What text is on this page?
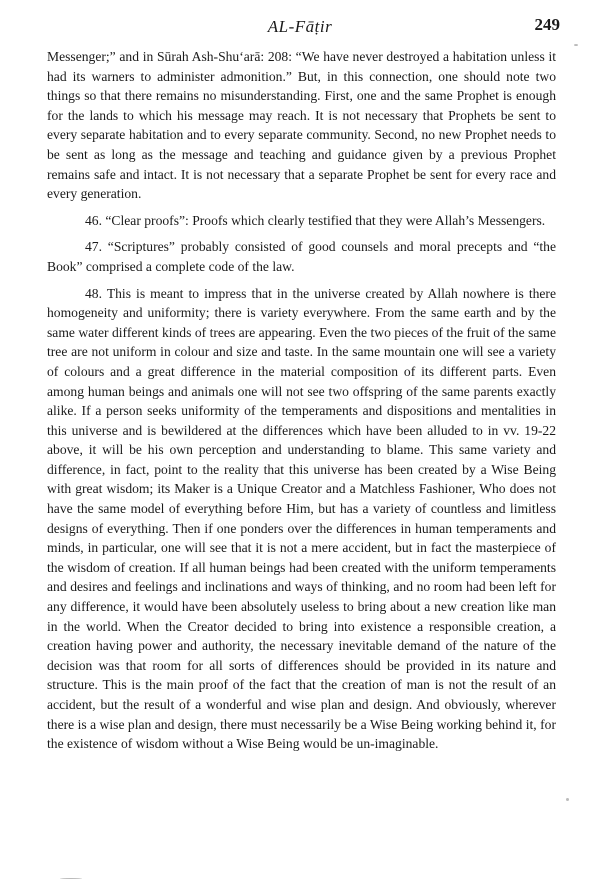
AL-Fāṭir	249

Messenger;” and in Sūrah Ash-Shu‘arā: 208: “We have never destroyed a habitation unless it had its warners to administer admonition.” But, in this connection, one should note two things so that there remains no misunderstanding. First, one and the same Prophet is enough for the lands to which his message may reach. It is not necessary that Prophets be sent to every separate habitation and to every separate community. Second, no new Prophet needs to be sent as long as the message and teaching and guidance given by a previous Prophet remains safe and intact. It is not necessary that a separate Prophet be sent for every race and every generation.

46. “Clear proofs”: Proofs which clearly testified that they were Allah’s Messengers.

47. “Scriptures” probably consisted of good counsels and moral precepts and “the Book” comprised a complete code of the law.

48. This is meant to impress that in the universe created by Allah nowhere is there homogeneity and uniformity; there is variety everywhere. From the same earth and by the same water different kinds of trees are appearing. Even the two pieces of the fruit of the same tree are not uniform in colour and size and taste. In the same mountain one will see a variety of colours and a great difference in the material composition of its different parts. Even among human beings and animals one will not see two offspring of the same parents exactly alike. If a person seeks uniformity of the temperaments and dispositions and mentalities in this universe and is bewildered at the differences which have been alluded to in vv. 19-22 above, it will be his own perception and understanding to blame. This same variety and difference, in fact, point to the reality that this universe has been created by a Wise Being with great wisdom; its Maker is a Unique Creator and a Matchless Fashioner, Who does not have the same model of everything before Him, but has a variety of countless and limitless designs of everything. Then if one ponders over the differences in human temperaments and minds, in particular, one will see that it is not a mere accident, but in fact the masterpiece of the wisdom of creation. If all human beings had been created with the uniform temperaments and desires and feelings and inclinations and ways of thinking, and no room had been left for any difference, it would have been absolutely useless to bring about a new creation like man in the world. When the Creator decided to bring into existence a responsible creation, a creation having power and authority, the necessary inevitable demand of the nature of the decision was that room for all sorts of differences should be provided in its nature and structure. This is the main proof of the fact that the creation of man is not the result of an accident, but the result of a wonderful and wise plan and design. And obviously, wherever there is a wise plan and design, there must necessarily be a Wise Being working behind it, for the existence of wisdom without a Wise Being would be un-imaginable.
